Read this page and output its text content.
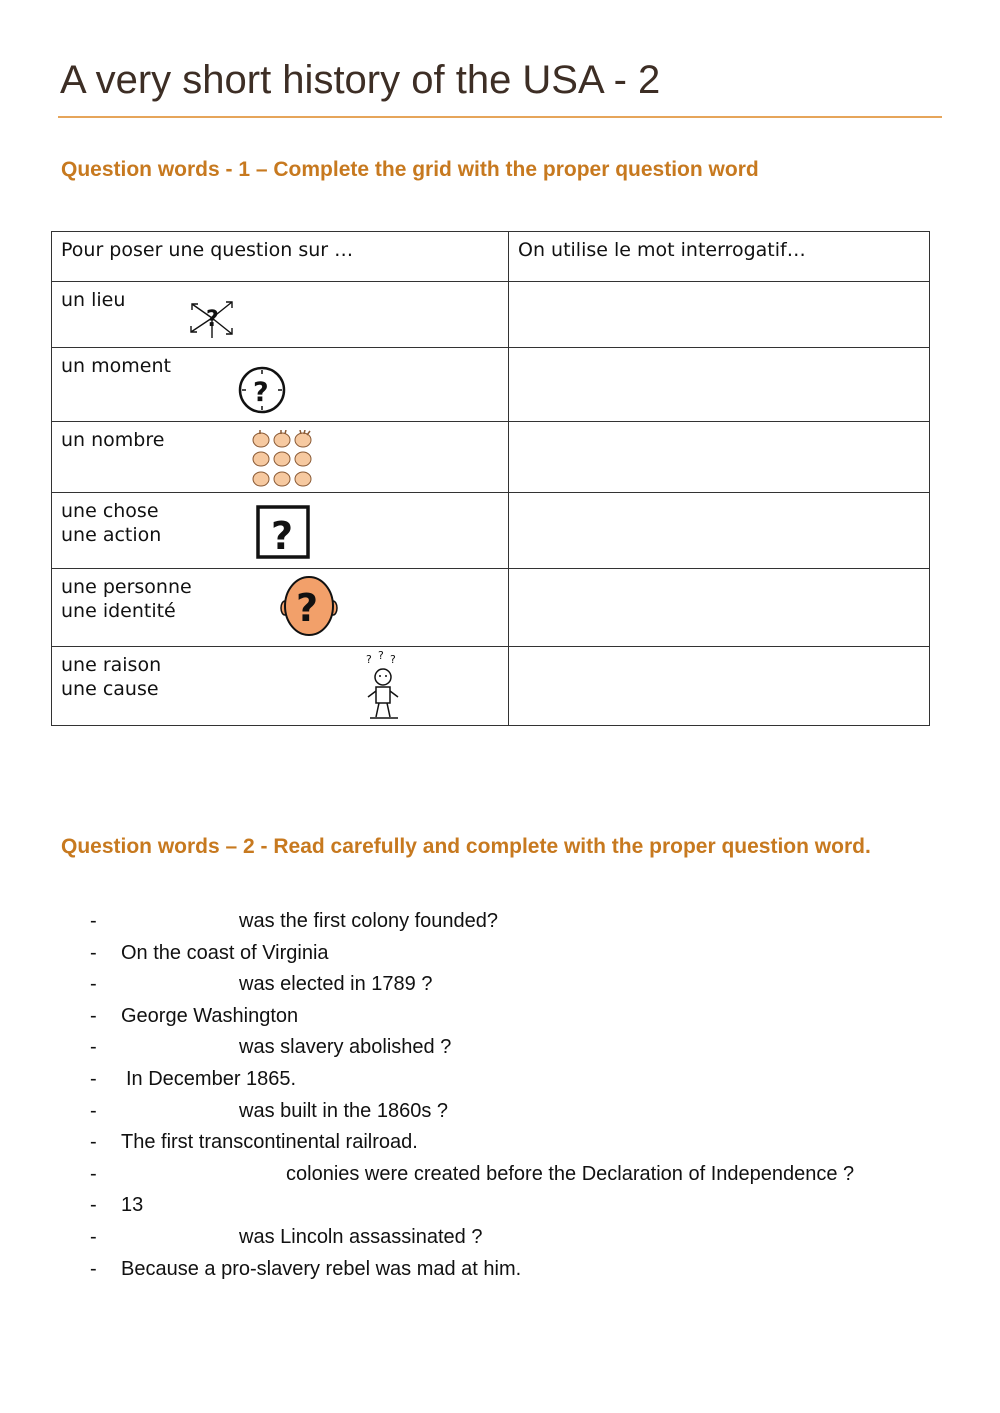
A very short history of the USA - 2
Question words - 1 – Complete the grid with the proper question word
Pour poser une question sur …	On utilise le mot interrogatif…

un lieu
?	

un moment
?	

un nombre	

une chose
une action ?	

une personne
une identité ?	

une raison
une cause
? ? ?	

Question words – 2 - Read carefully and complete with the proper question word.
-	was the first colony founded?
- On the coast of Virginia
-	was elected in 1789 ?
- George Washington
-	was slavery abolished ?
- In December 1865.
-	was built in the 1860s ?
- The first transcontinental railroad.
-	colonies were created before the Declaration of Independence ?
- 13
-	was Lincoln assassinated ?
- Because a pro-slavery rebel was mad at him.
